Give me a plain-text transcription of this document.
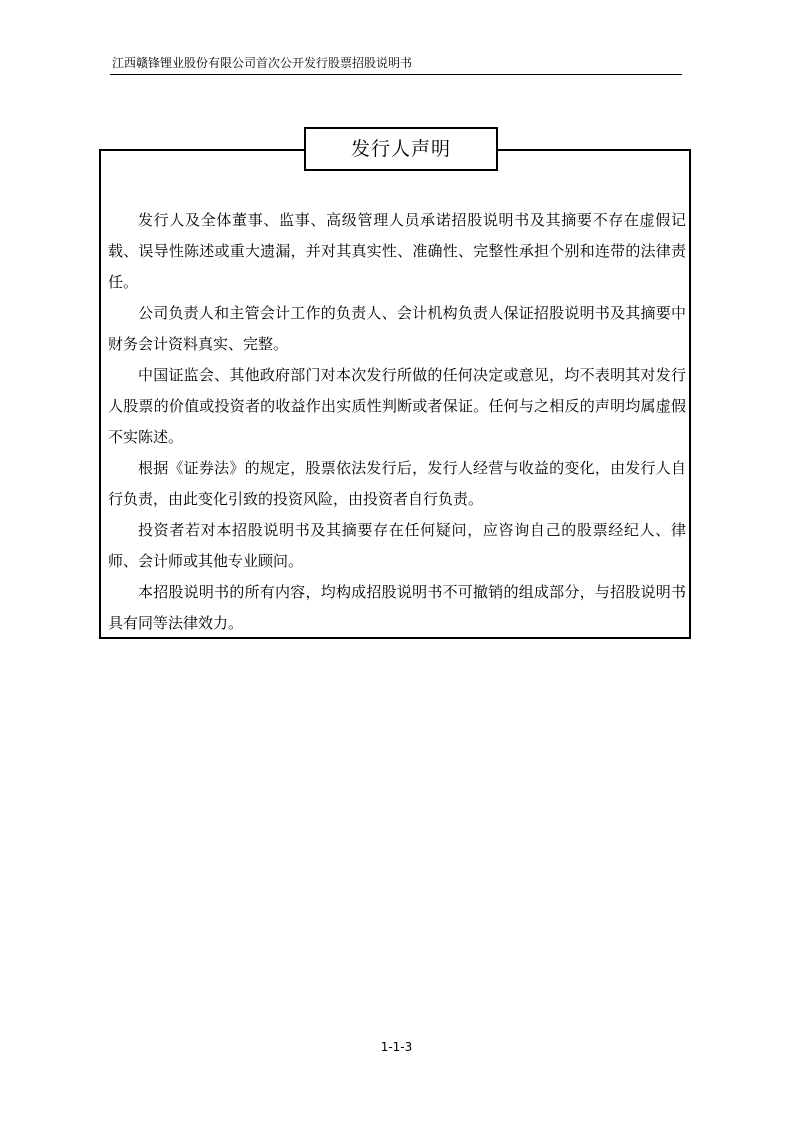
江西赣锋锂业股份有限公司首次公开发行股票招股说明书
发行人声明

发行人及全体董事、监事、高级管理人员承诺招股说明书及其摘要不存在虚假记载、误导性陈述或重大遗漏，并对其真实性、准确性、完整性承担个别和连带的法律责任。

公司负责人和主管会计工作的负责人、会计机构负责人保证招股说明书及其摘要中财务会计资料真实、完整。

中国证监会、其他政府部门对本次发行所做的任何决定或意见，均不表明其对发行人股票的价值或投资者的收益作出实质性判断或者保证。任何与之相反的声明均属虚假不实陈述。

根据《证券法》的规定，股票依法发行后，发行人经营与收益的变化，由发行人自行负责，由此变化引致的投资风险，由投资者自行负责。

投资者若对本招股说明书及其摘要存在任何疑问，应咨询自己的股票经纪人、律师、会计师或其他专业顾问。

本招股说明书的所有内容，均构成招股说明书不可撤销的组成部分，与招股说明书具有同等法律效力。

1-1-3
